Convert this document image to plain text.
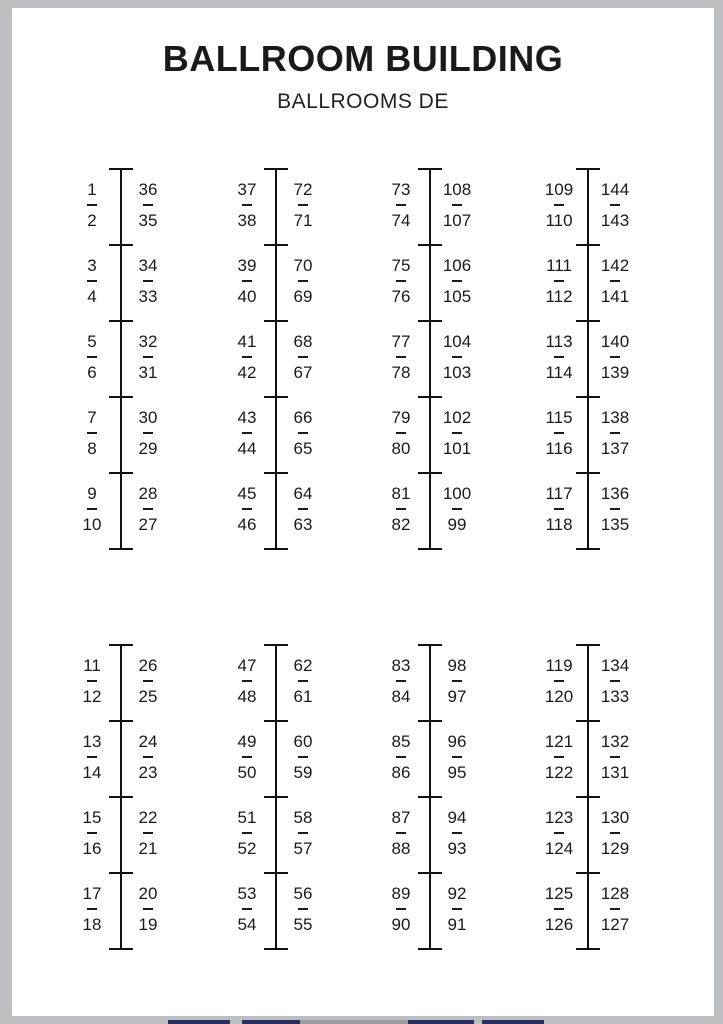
BALLROOM BUILDING
BALLROOMS DE
1
2
36
35
3
4
34
33
5
6
32
31
7
8
30
29
9
10
28
27
37
38
72
71
39
40
70
69
41
42
68
67
43
44
66
65
45
46
64
63
73
74
108
107
75
76
106
105
77
78
104
103
79
80
102
101
81
82
100
99
109
110
144
143
111
112
142
141
113
114
140
139
115
116
138
137
117
118
136
135
11
12
26
25
13
14
24
23
15
16
22
21
17
18
20
19
47
48
62
61
49
50
60
59
51
52
58
57
53
54
56
55
83
84
98
97
85
86
96
95
87
88
94
93
89
90
92
91
119
120
134
133
121
122
132
131
123
124
130
129
125
126
128
127
